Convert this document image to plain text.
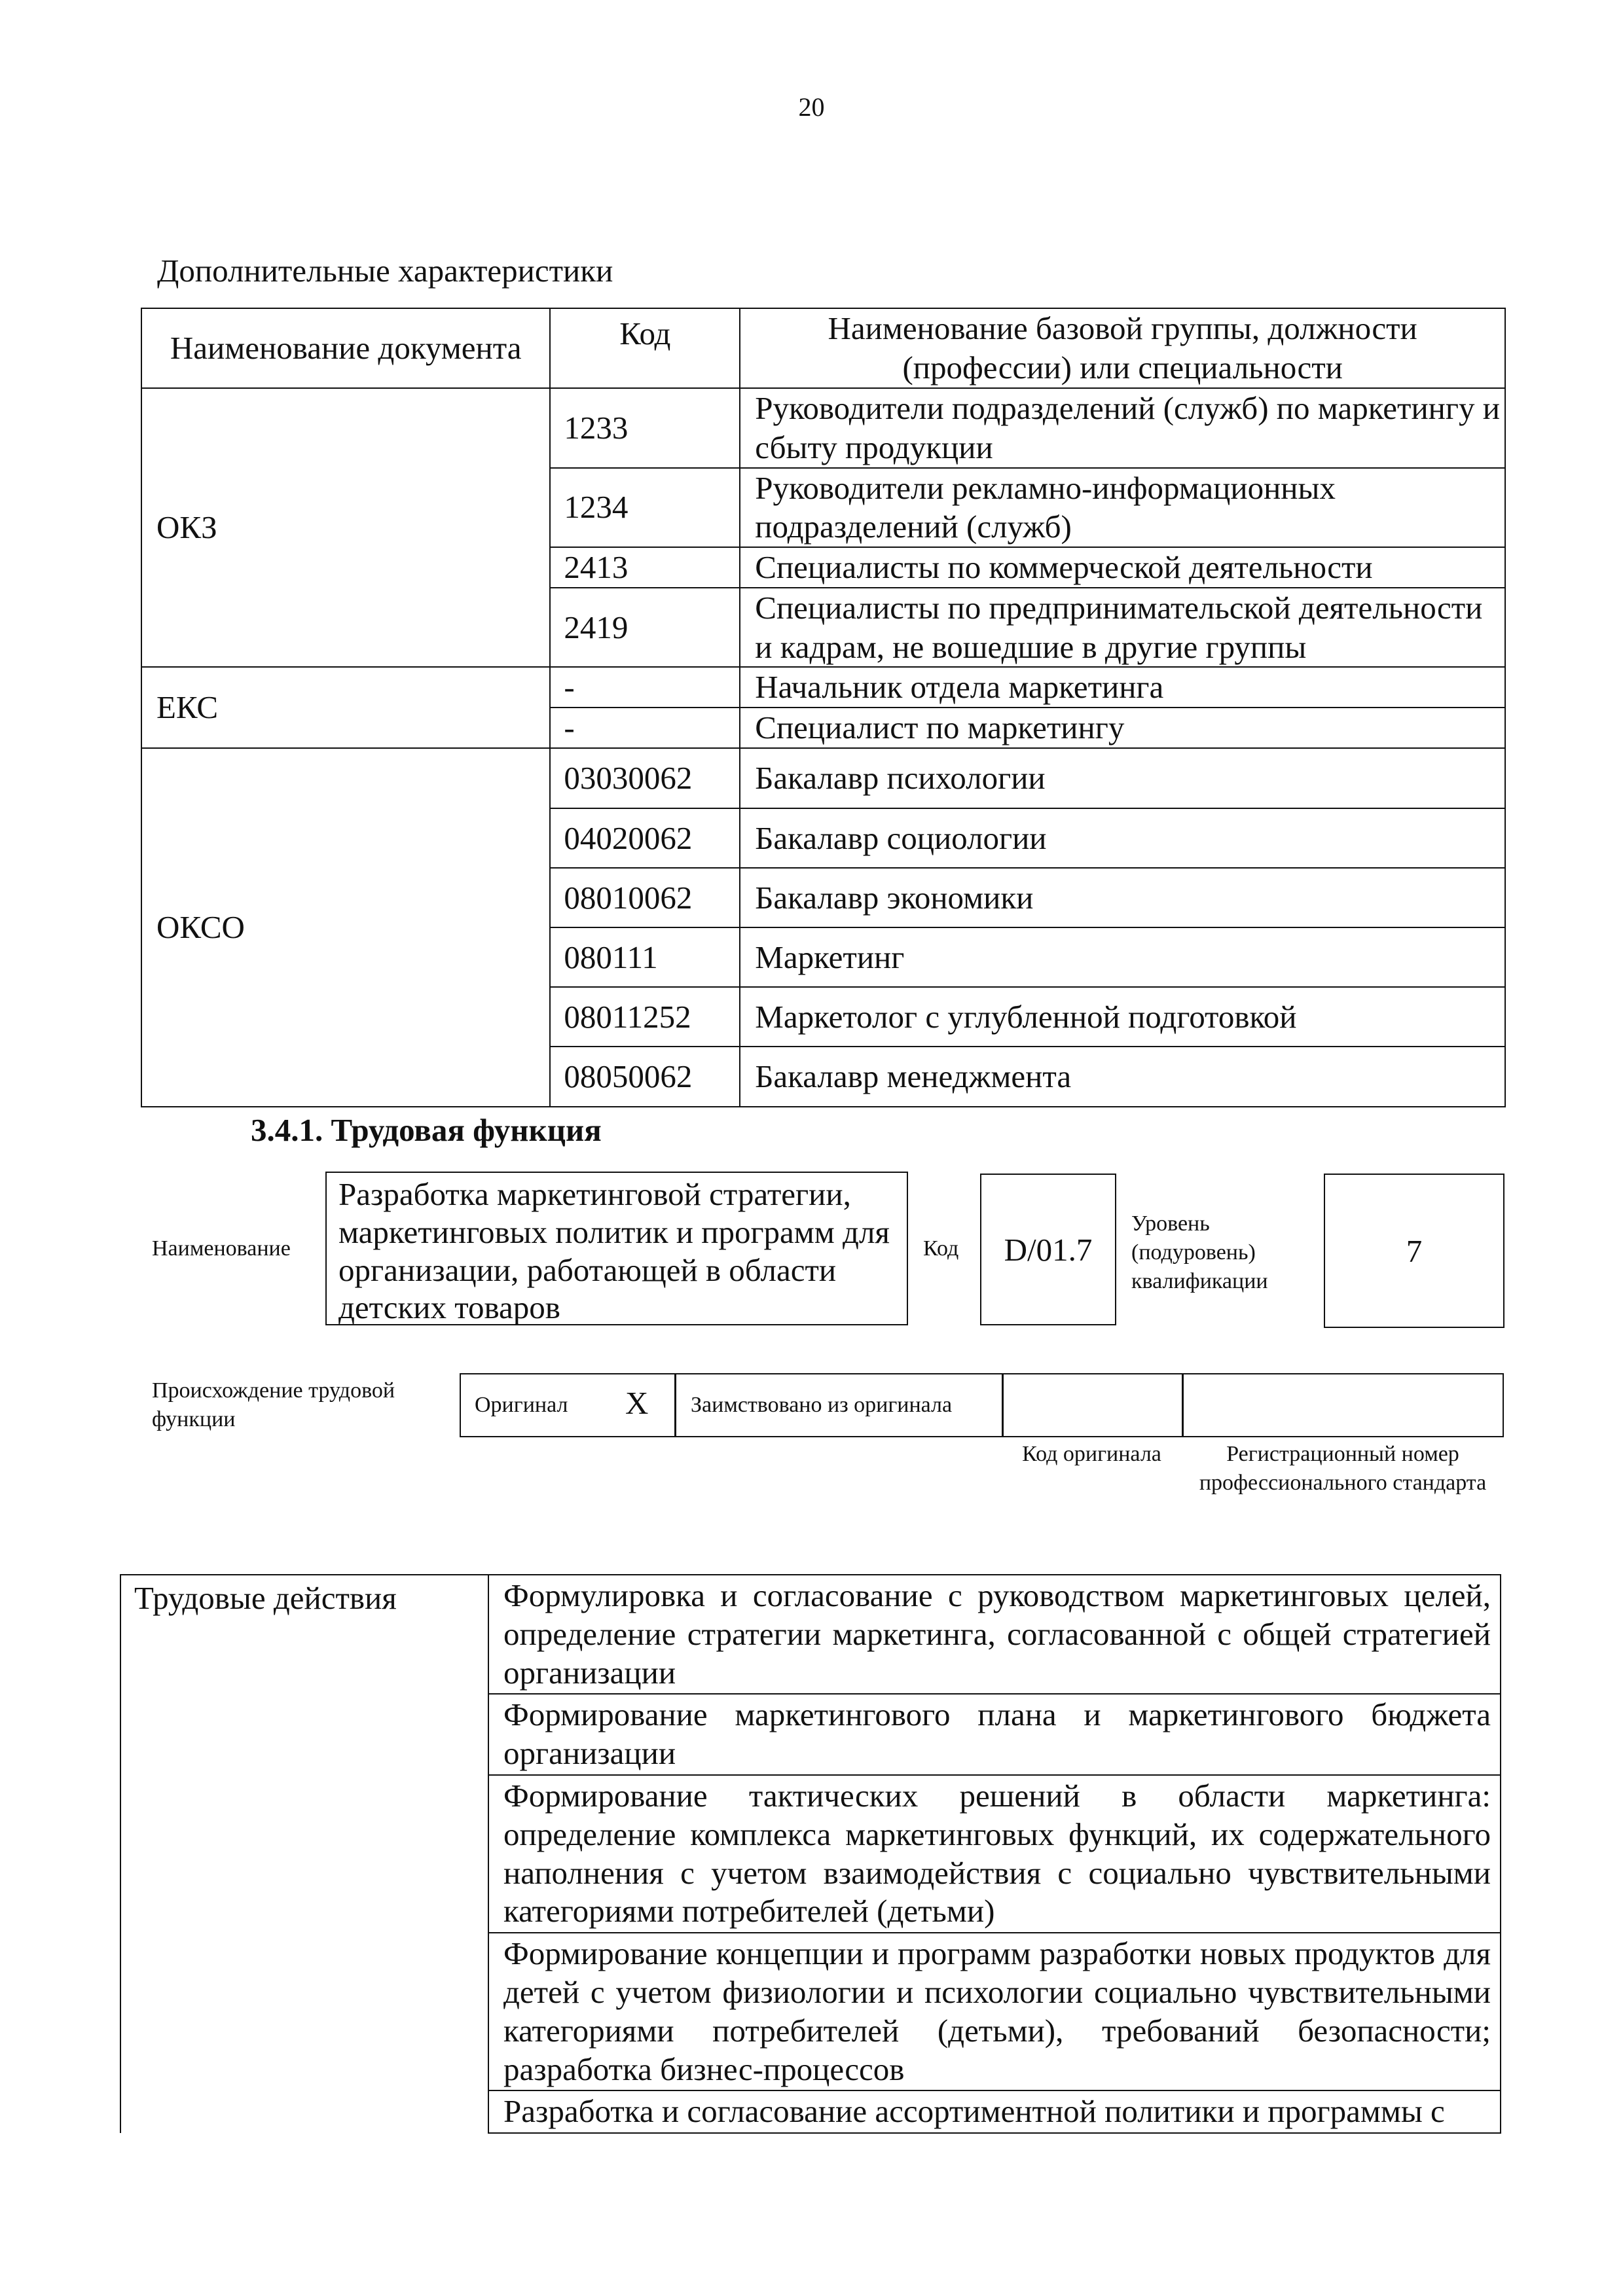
20
Дополнительные характеристики
Наименование документа	Код	Наименование базовой группы, должности (профессии) или специальности
ОКЗ	1233	Руководители подразделений (служб) по маркетингу и сбыту продукции
	1234	Руководители рекламно-информационных подразделений (служб)
	2413	Специалисты по коммерческой деятельности
	2419	Специалисты по предпринимательской деятельности и кадрам, не вошедшие в другие группы
ЕКС	-	Начальник отдела маркетинга
	-	Специалист по маркетингу
ОКСО	03030062	Бакалавр психологии
	04020062	Бакалавр социологии
	08010062	Бакалавр экономики
	080111	Маркетинг
	08011252	Маркетолог с углубленной подготовкой
	08050062	Бакалавр менеджмента
3.4.1. Трудовая функция
Наименование
Разработка маркетинговой стратегии, маркетинговых политик и программ для организации, работающей в области детских товаров
Код D/01.7
Уровень (подуровень) квалификации
7
Происхождение трудовой функции
Оригинал X Заимствовано из оригинала
Код оригинала	Регистрационный номер профессионального стандарта
Трудовые действия	Формулировка и согласование с руководством маркетинговых целей, определение стратегии маркетинга, согласованной с общей стратегией организации
Формирование маркетингового плана и маркетингового бюджета организации
Формирование тактических решений в области маркетинга: определение комплекса маркетинговых функций, их содержательного наполнения с учетом взаимодействия с социально чувствительными категориями потребителей (детьми)
Формирование концепции и программ разработки новых продуктов для детей с учетом физиологии и психологии социально чувствительными категориями потребителей (детьми), требований безопасности; разработка бизнес-процессов
Разработка и согласование ассортиментной политики и программы с
